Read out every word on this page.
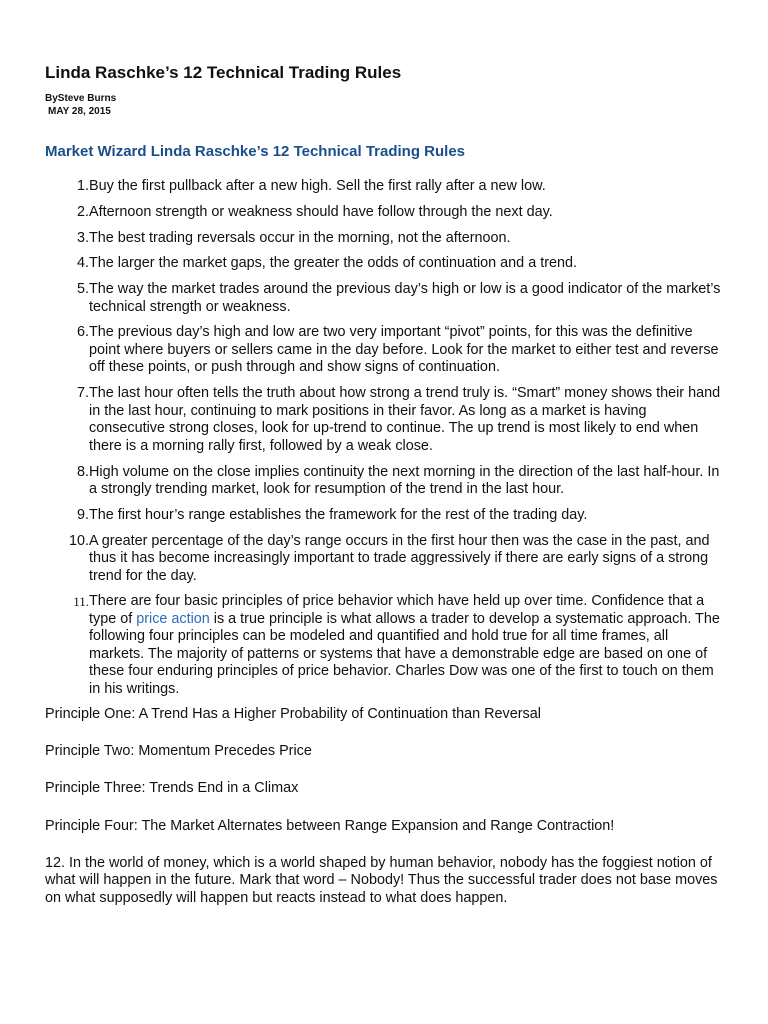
Linda Raschke’s 12 Technical Trading Rules
BySteve Burns
MAY 28, 2015
Market Wizard Linda Raschke’s 12 Technical Trading Rules
1. Buy the first pullback after a new high. Sell the first rally after a new low.
2. Afternoon strength or weakness should have follow through the next day.
3. The best trading reversals occur in the morning, not the afternoon.
4. The larger the market gaps, the greater the odds of continuation and a trend.
5. The way the market trades around the previous day’s high or low is a good indicator of the market’s technical strength or weakness.
6. The previous day’s high and low are two very important “pivot” points, for this was the definitive point where buyers or sellers came in the day before. Look for the market to either test and reverse off these points, or push through and show signs of continuation.
7. The last hour often tells the truth about how strong a trend truly is. “Smart” money shows their hand in the last hour, continuing to mark positions in their favor. As long as a market is having consecutive strong closes, look for up-trend to continue. The up trend is most likely to end when there is a morning rally first, followed by a weak close.
8. High volume on the close implies continuity the next morning in the direction of the last half-hour. In a strongly trending market, look for resumption of the trend in the last hour.
9. The first hour’s range establishes the framework for the rest of the trading day.
10. A greater percentage of the day’s range occurs in the first hour then was the case in the past, and thus it has become increasingly important to trade aggressively if there are early signs of a strong trend for the day.
11. There are four basic principles of price behavior which have held up over time. Confidence that a type of price action is a true principle is what allows a trader to develop a systematic approach. The following four principles can be modeled and quantified and hold true for all time frames, all markets. The majority of patterns or systems that have a demonstrable edge are based on one of these four enduring principles of price behavior. Charles Dow was one of the first to touch on them in his writings.

Principle One: A Trend Has a Higher Probability of Continuation than Reversal

Principle Two: Momentum Precedes Price

Principle Three: Trends End in a Climax

Principle Four: The Market Alternates between Range Expansion and Range Contraction!

12. In the world of money, which is a world shaped by human behavior, nobody has the foggiest notion of what will happen in the future. Mark that word – Nobody! Thus the successful trader does not base moves on what supposedly will happen but reacts instead to what does happen.
